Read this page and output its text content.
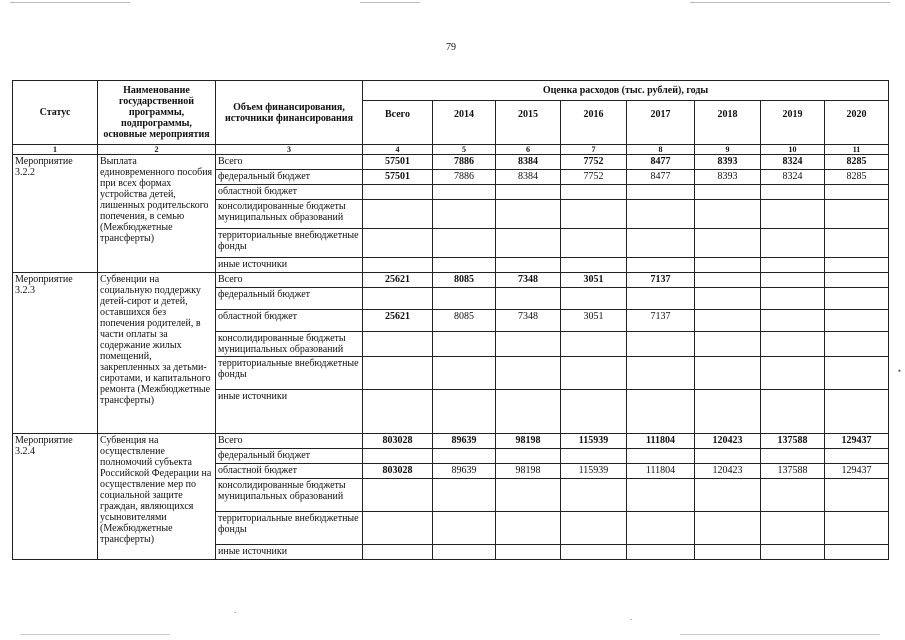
79
Статус	Наименование государственной программы, подпрограммы, основные мероприятия	Объем финансирования, источники финансирования	Оценка расходов (тыс. рублей), годы							
			Всего	2014	2015	2016	2017	2018	2019	2020
1	2	3	4	5	6	7	8	9	10	11
Мероприятие 3.2.2	Выплата единовременного пособия при всех формах устройства детей, лишенных родительского попечения, в семью (Межбюджетные трансферты)	Всего	57501	7886	8384	7752	8477	8393	8324	8285
		федеральный бюджет	57501	7886	8384	7752	8477	8393	8324	8285
		областной бюджет								
		консолидированные бюджеты муниципальных образований								
		территориальные внебюджетные фонды								
		иные источники								
Мероприятие 3.2.3	Субвенции на социальную поддержку детей-сирот и детей, оставшихся без попечения родителей, в части оплаты за содержание жилых помещений, закрепленных за детьми-сиротами, и капитального ремонта (Межбюджетные трансферты)	Всего	25621	8085	7348	3051	7137			
		федеральный бюджет								
		областной бюджет	25621	8085	7348	3051	7137			
		консолидированные бюджеты муниципальных образований								
		территориальные внебюджетные фонды								
		иные источники								
Мероприятие 3.2.4	Субвенция на осуществление полномочий субъекта Российской Федерации на осуществление мер по социальной защите граждан, являющихся усыновителями (Межбюджетные трансферты)	Всего	803028	89639	98198	115939	111804	120423	137588	129437
		федеральный бюджет								
		областной бюджет	803028	89639	98198	115939	111804	120423	137588	129437
		консолидированные бюджеты муниципальных образований								
		территориальные внебюджетные фонды								
		иные источники								
•
.
.
